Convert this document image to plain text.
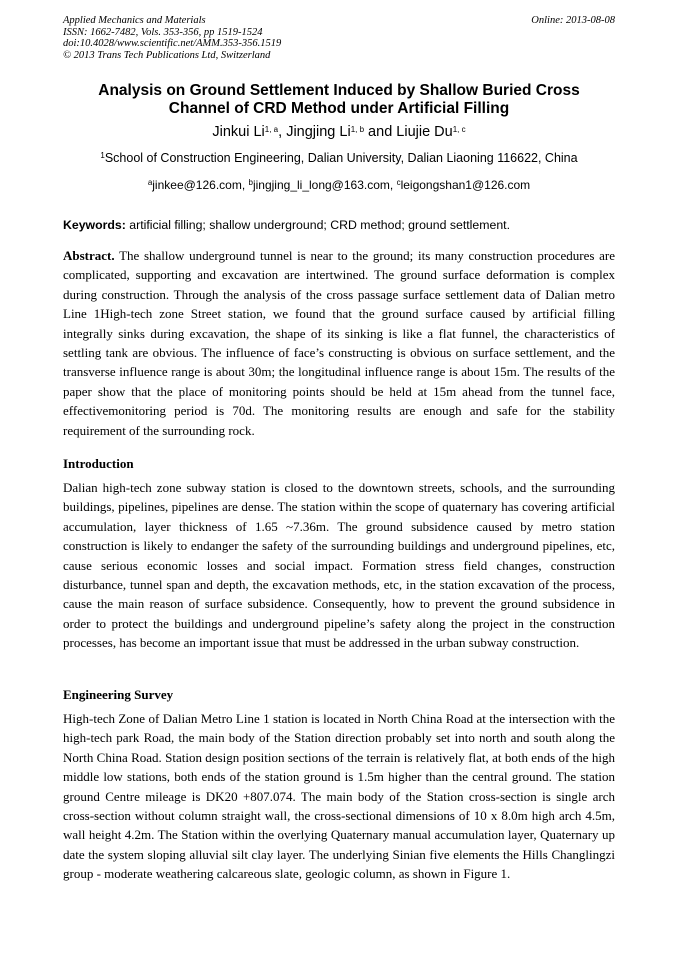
Applied Mechanics and Materials
ISSN: 1662-7482, Vols. 353-356, pp 1519-1524
doi:10.4028/www.scientific.net/AMM.353-356.1519
© 2013 Trans Tech Publications Ltd, Switzerland
Online: 2013-08-08
Analysis on Ground Settlement Induced by Shallow Buried Cross
Channel of CRD Method under Artificial Filling
Jinkui Li$^{1, a}$, Jingjing Li$^{1, b}$ and Liujie Du$^{1, c}$
$^1$School of Construction Engineering, Dalian University, Dalian Liaoning 116622, China
$^a$jinkee@126.com, $^b$jingjing_li_long@163.com, $^c$leigongshan1@126.com
Keywords: artificial filling; shallow underground; CRD method; ground settlement.

Abstract. The shallow underground tunnel is near to the ground; its many construction procedures are complicated, supporting and excavation are intertwined. The ground surface deformation is complex during construction. Through the analysis of the cross passage surface settlement data of Dalian metro Line 1High-tech zone Street station, we found that the ground surface caused by artificial filling integrally sinks during excavation, the shape of its sinking is like a flat funnel, the characteristics of settling tank are obvious. The influence of face’s constructing is obvious on surface settlement, and the transverse influence range is about 30m; the longitudinal influence range is about 15m. The results of the paper show that the place of monitoring points should be held at 15m ahead from the tunnel face, effectivemonitoring period is 70d. The monitoring results are enough and safe for the stability requirement of the surrounding rock.

Introduction

Dalian high-tech zone subway station is closed to the downtown streets, schools, and the surrounding buildings, pipelines, pipelines are dense. The station within the scope of quaternary has covering artificial accumulation, layer thickness of 1.65 ~7.36m. The ground subsidence caused by metro station construction is likely to endanger the safety of the surrounding buildings and underground pipelines, etc, cause serious economic losses and social impact. Formation stress field changes, construction disturbance, tunnel span and depth, the excavation methods, etc, in the station excavation of the process, cause the main reason of surface subsidence. Consequently, how to prevent the ground subsidence in order to protect the buildings and underground pipeline’s safety along the project in the construction processes, has become an important issue that must be addressed in the urban subway construction.

Engineering Survey

High-tech Zone of Dalian Metro Line 1 station is located in North China Road at the intersection with the high-tech park Road, the main body of the Station direction probably set into north and south along the North China Road. Station design position sections of the terrain is relatively flat, at both ends of the high middle low stations, both ends of the station ground is 1.5m higher than the central ground. The station ground Centre mileage is DK20 +807.074. The main body of the Station cross-section is single arch cross-section without column straight wall, the cross-sectional dimensions of 10 x 8.0m high arch 4.5m, wall height 4.2m. The Station within the overlying Quaternary manual accumulation layer, Quaternary up date the system sloping alluvial silt clay layer. The underlying Sinian five elements the Hills Changlingzi group - moderate weathering calcareous slate, geologic column, as shown in Figure 1.
